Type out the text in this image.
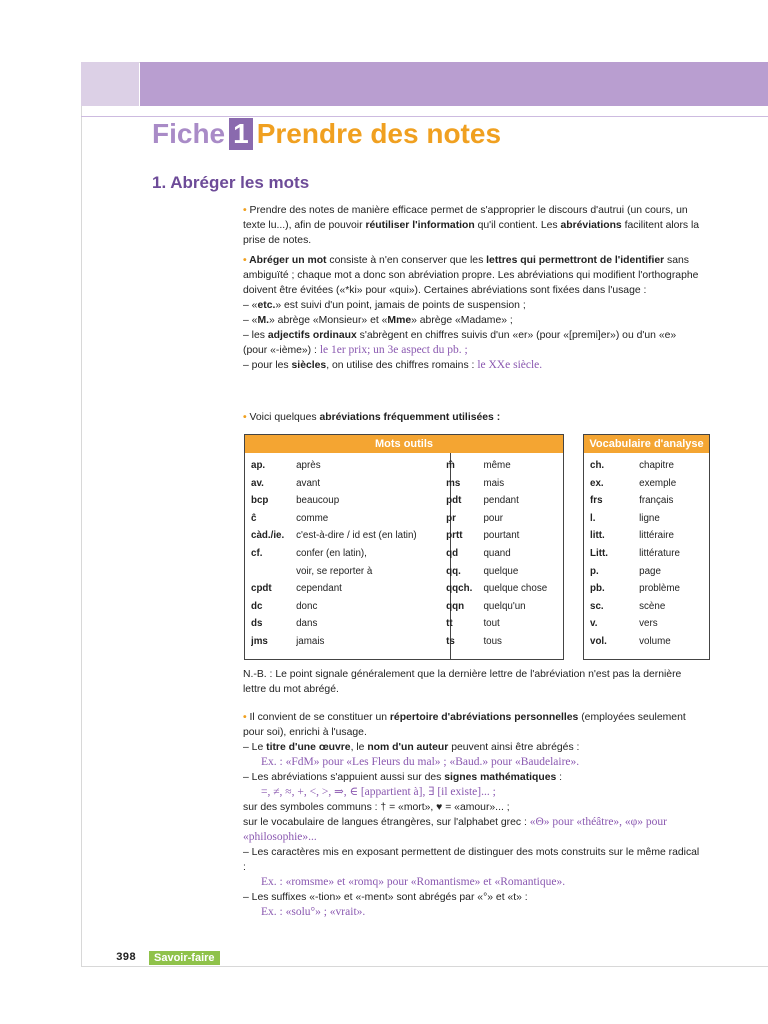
Fiche 1 Prendre des notes
1. Abréger les mots
• Prendre des notes de manière efficace permet de s'approprier le discours d'autrui (un cours, un texte lu...), afin de pouvoir réutiliser l'information qu'il contient. Les abréviations facilitent alors la prise de notes.
• Abréger un mot consiste à n'en conserver que les lettres qui permettront de l'identifier sans ambiguïté ; chaque mot a donc son abréviation propre. Les abréviations qui modifient l'orthographe doivent être évitées («*ki» pour «qui»). Certaines abréviations sont fixées dans l'usage :
– «etc.» est suivi d'un point, jamais de points de suspension ;
– «M.» abrège «Monsieur» et «Mme» abrège «Madame» ;
– les adjectifs ordinaux s'abrègent en chiffres suivis d'un «er» (pour «[premi]er») ou d'un «e» (pour «-ième») : le 1er prix; un 3e aspect du pb. ;
– pour les siècles, on utilise des chiffres romains : le XXe siècle.
• Voici quelques abréviations fréquemment utilisées :
Mots outils
ap.
av.
bcp
ĉ
càd./ie.
cf.

cpdt
dc
ds
jms
après
avant
beaucoup
comme
c'est-à-dire / id est (en latin)
confer (en latin),
voir, se reporter à
cependant
donc
dans
jamais
m̂
ms
pdt
pr
prtt
qd
qq.
qqch.
qqn
tt
ts
même
mais
pendant
pour
pourtant
quand
quelque
quelque chose
quelqu'un
tout
tous
Vocabulaire d'analyse
ch.
ex.
frs
l.
litt.
Litt.
p.
pb.
sc.
v.
vol.
chapitre
exemple
français
ligne
littéraire
littérature
page
problème
scène
vers
volume
N.-B. : Le point signale généralement que la dernière lettre de l'abréviation n'est pas la dernière lettre du mot abrégé.
• Il convient de se constituer un répertoire d'abréviations personnelles (employées seulement pour soi), enrichi à l'usage.
– Le titre d'une œuvre, le nom d'un auteur peuvent ainsi être abrégés :
Ex. : «FdM» pour «Les Fleurs du mal» ; «Baud.» pour «Baudelaire».
– Les abréviations s'appuient aussi sur des signes mathématiques :
=, ≠, ≈, +, <, >, ⇒, ∈ [appartient à], ∃ [il existe]... ;
sur des symboles communs : † = «mort», ♥ = «amour»... ;
sur le vocabulaire de langues étrangères, sur l'alphabet grec : «Θ» pour «théâtre», «φ» pour «philosophie»...
– Les caractères mis en exposant permettent de distinguer des mots construits sur le même radical :
Ex. : «romsme» et «romq» pour «Romantisme» et «Romantique».
– Les suffixes «-tion» et «-ment» sont abrégés par «°» et «t» :
Ex. : «solu°» ; «vrait».
398	Savoir-faire
